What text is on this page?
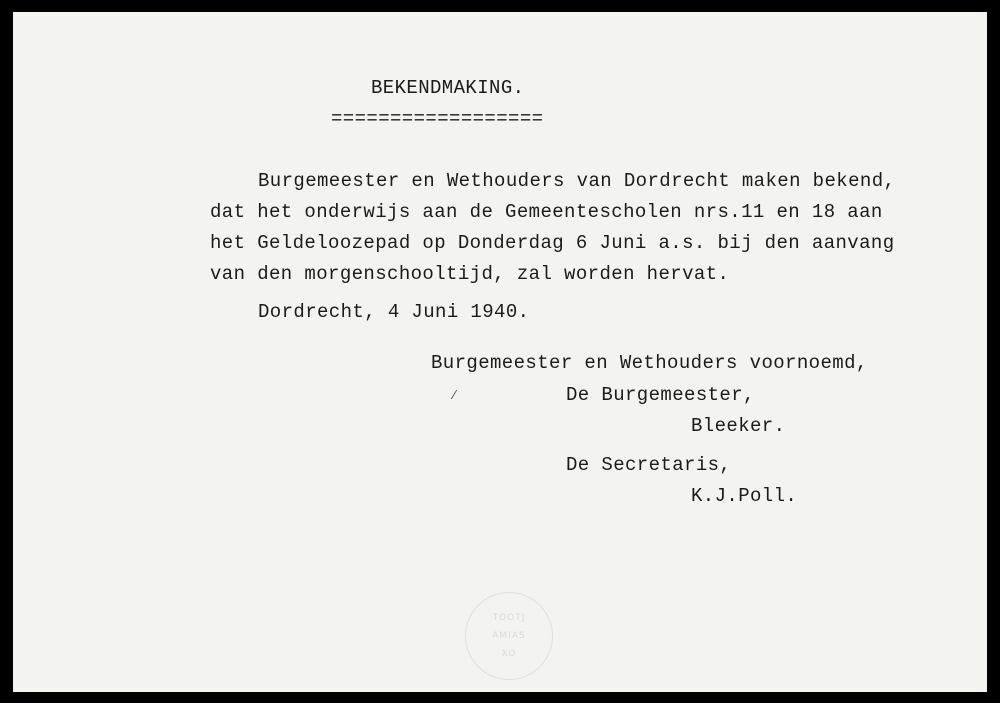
BEKENDMAKING.
==================
Burgemeester en Wethouders van Dordrecht maken bekend,
dat het onderwijs aan de Gemeentescholen nrs.11 en 18 aan
het Geldeloozepad op Donderdag 6 Juni a.s. bij den aanvang
van den morgenschooltijd, zal worden hervat.
Dordrecht, 4 Juni 1940.
Burgemeester en Wethouders voornoemd,
⁄	De Burgemeester,
Bleeker.
De Secretaris,
K.J.Poll.
TOOTJ
AMIAS
XO
